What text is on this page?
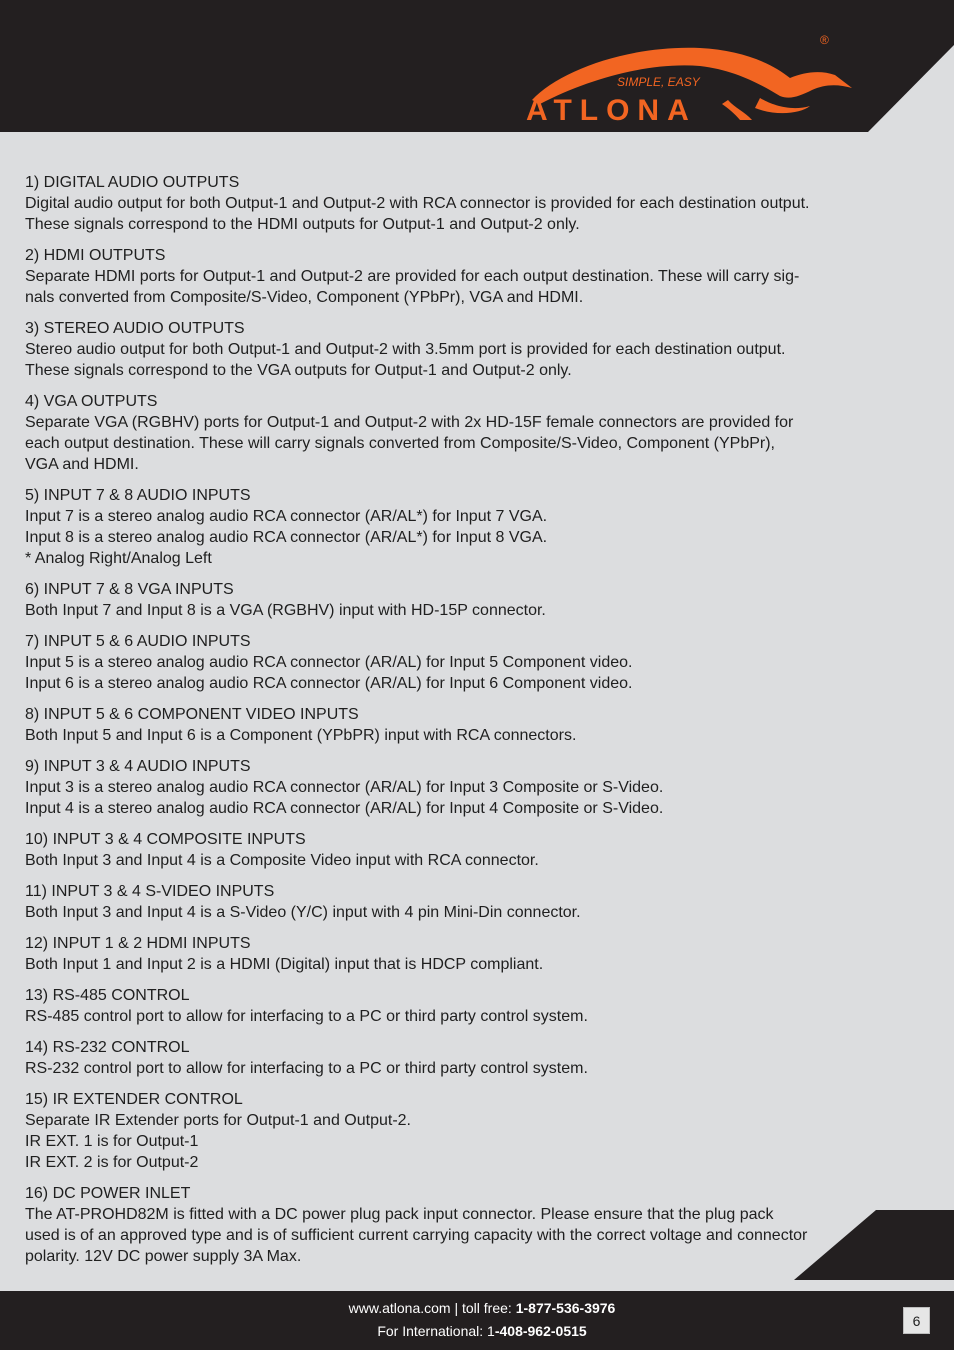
SIMPLE, EASY
ATLONA
®
1) DIGITAL AUDIO OUTPUTS
Digital audio output for both Output-1 and Output-2 with RCA connector is provided for each destination output.
These signals correspond to the HDMI outputs for Output-1 and Output-2 only.
2) HDMI OUTPUTS
Separate HDMI ports for Output-1 and Output-2 are provided for each output destination. These will carry sig-
nals converted from Composite/S-Video, Component (YPbPr), VGA and HDMI.
3) STEREO AUDIO OUTPUTS
Stereo audio output for both Output-1 and Output-2 with 3.5mm port is provided for each destination output.
These signals correspond to the VGA outputs for Output-1 and Output-2 only.
4) VGA OUTPUTS
Separate VGA (RGBHV) ports for Output-1 and Output-2 with 2x HD-15F female connectors are provided for
each output destination. These will carry signals converted from Composite/S-Video, Component (YPbPr),
VGA and HDMI.
5) INPUT 7 & 8 AUDIO INPUTS
Input 7 is a stereo analog audio RCA connector (AR/AL*) for Input 7 VGA.
Input 8 is a stereo analog audio RCA connector (AR/AL*) for Input 8 VGA.
* Analog Right/Analog Left
6) INPUT 7 & 8 VGA INPUTS
Both Input 7 and Input 8 is a VGA (RGBHV) input with HD-15P connector.
7) INPUT 5 & 6 AUDIO INPUTS
Input 5 is a stereo analog audio RCA connector (AR/AL) for Input 5 Component video.
Input 6 is a stereo analog audio RCA connector (AR/AL) for Input 6 Component video.
8) INPUT 5 & 6 COMPONENT VIDEO INPUTS
Both Input 5 and Input 6 is a Component (YPbPR) input with RCA connectors.
9) INPUT 3 & 4 AUDIO INPUTS
Input 3 is a stereo analog audio RCA connector (AR/AL) for Input 3 Composite or S-Video.
Input 4 is a stereo analog audio RCA connector (AR/AL) for Input 4 Composite or S-Video.
10) INPUT 3 & 4 COMPOSITE INPUTS
Both Input 3 and Input 4 is a Composite Video input with RCA connector.
11) INPUT 3 & 4 S-VIDEO INPUTS
Both Input 3 and Input 4 is a S-Video (Y/C) input with 4 pin Mini-Din connector.
12) INPUT 1 & 2 HDMI INPUTS
Both Input 1 and Input 2 is a HDMI (Digital) input that is HDCP compliant.
13) RS-485 CONTROL
RS-485 control port to allow for interfacing to a PC or third party control system.
14) RS-232 CONTROL
RS-232 control port to allow for interfacing to a PC or third party control system.
15) IR EXTENDER CONTROL
Separate IR Extender ports for Output-1 and Output-2.
IR EXT. 1 is for Output-1
IR EXT. 2 is for Output-2
16) DC POWER INLET
The AT-PROHD82M is fitted with a DC power plug pack input connector. Please ensure that the plug pack
used is of an approved type and is of sufficient current carrying capacity with the correct voltage and connector
polarity. 12V DC power supply 3A Max.
www.atlona.com | toll free: 1-877-536-3976
For International: 1-408-962-0515
6
